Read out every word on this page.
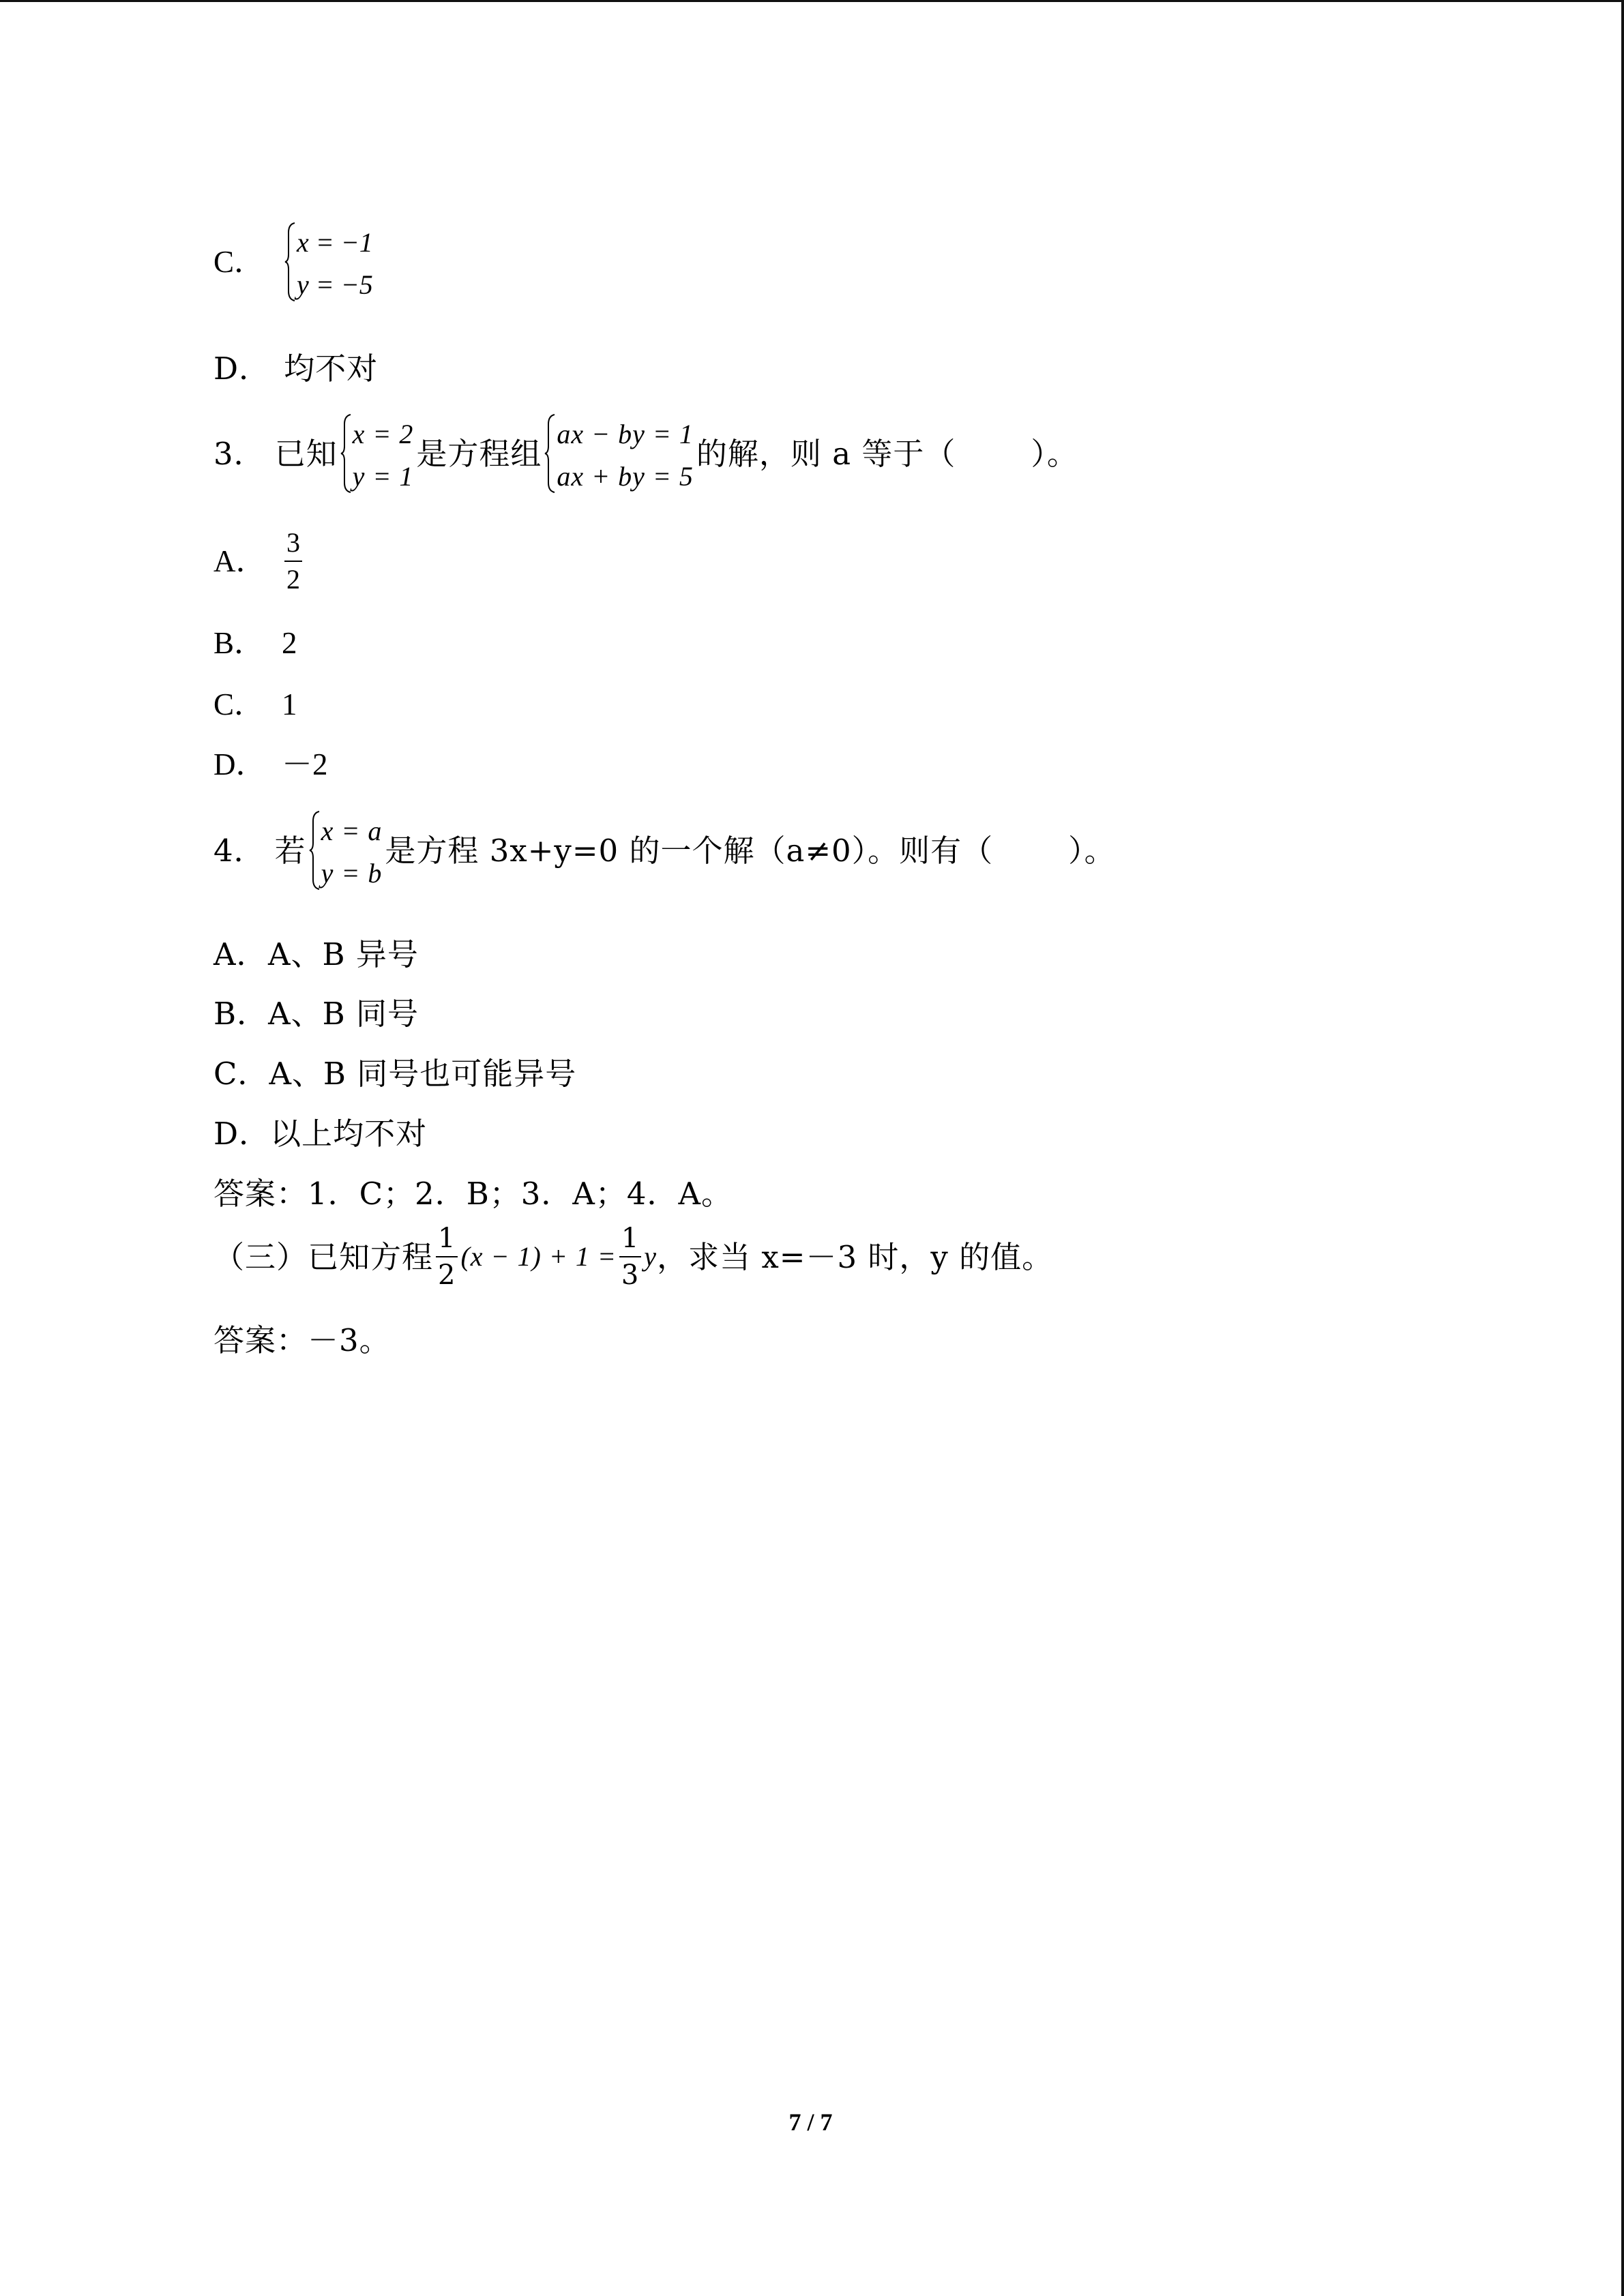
C．
x = −1
y = −5
D． 均不对
3． 已知
x = 2
y = 1
是方程组
ax − by = 1
ax + by = 5
的解，则 a 等于（ ）。
A． $\frac{3}{2}$
B． 2
C． 1
D． －2
4． 若
x = a
y = b
是方程 3x+y=0 的一个解（a≠0）。则有（ ）。
A． A、B 异号
B． A、B 同号
C． A、B 同号也可能异号
D． 以上均不对
答案：1．C；2．B；3．A；4．A。
（三）已知方程 $\frac{1}{2} (x - 1) + 1 = \frac{1}{3}$ y ，求当 x=－3 时，y 的值。
答案：－3。
7 / 7
